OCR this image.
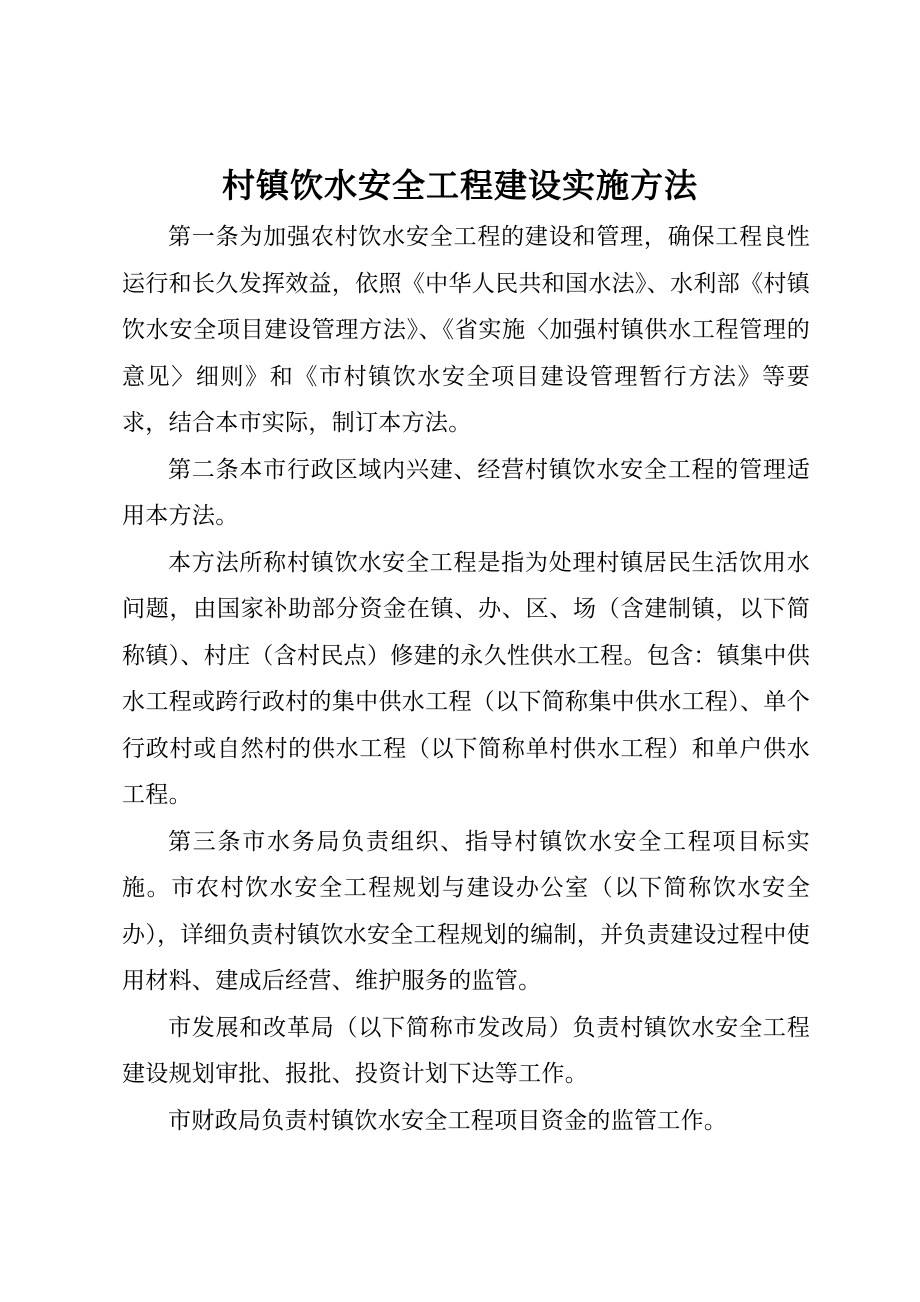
村镇饮水安全工程建设实施方法

第一条为加强农村饮水安全工程的建设和管理，确保工程良性运行和长久发挥效益，依照《中华人民共和国水法》、水利部《村镇饮水安全项目建设管理方法》、《省实施〈加强村镇供水工程管理的意见〉细则》和《市村镇饮水安全项目建设管理暂行方法》等要求，结合本市实际，制订本方法。

第二条本市行政区域内兴建、经营村镇饮水安全工程的管理适用本方法。

本方法所称村镇饮水安全工程是指为处理村镇居民生活饮用水问题，由国家补助部分资金在镇、办、区、场（含建制镇，以下简称镇）、村庄（含村民点）修建的永久性供水工程。包含：镇集中供水工程或跨行政村的集中供水工程（以下简称集中供水工程）、单个行政村或自然村的供水工程（以下简称单村供水工程）和单户供水工程。

第三条市水务局负责组织、指导村镇饮水安全工程项目标实施。市农村饮水安全工程规划与建设办公室（以下简称饮水安全办），详细负责村镇饮水安全工程规划的编制，并负责建设过程中使用材料、建成后经营、维护服务的监管。

市发展和改革局（以下简称市发改局）负责村镇饮水安全工程建设规划审批、报批、投资计划下达等工作。

市财政局负责村镇饮水安全工程项目资金的监管工作。
